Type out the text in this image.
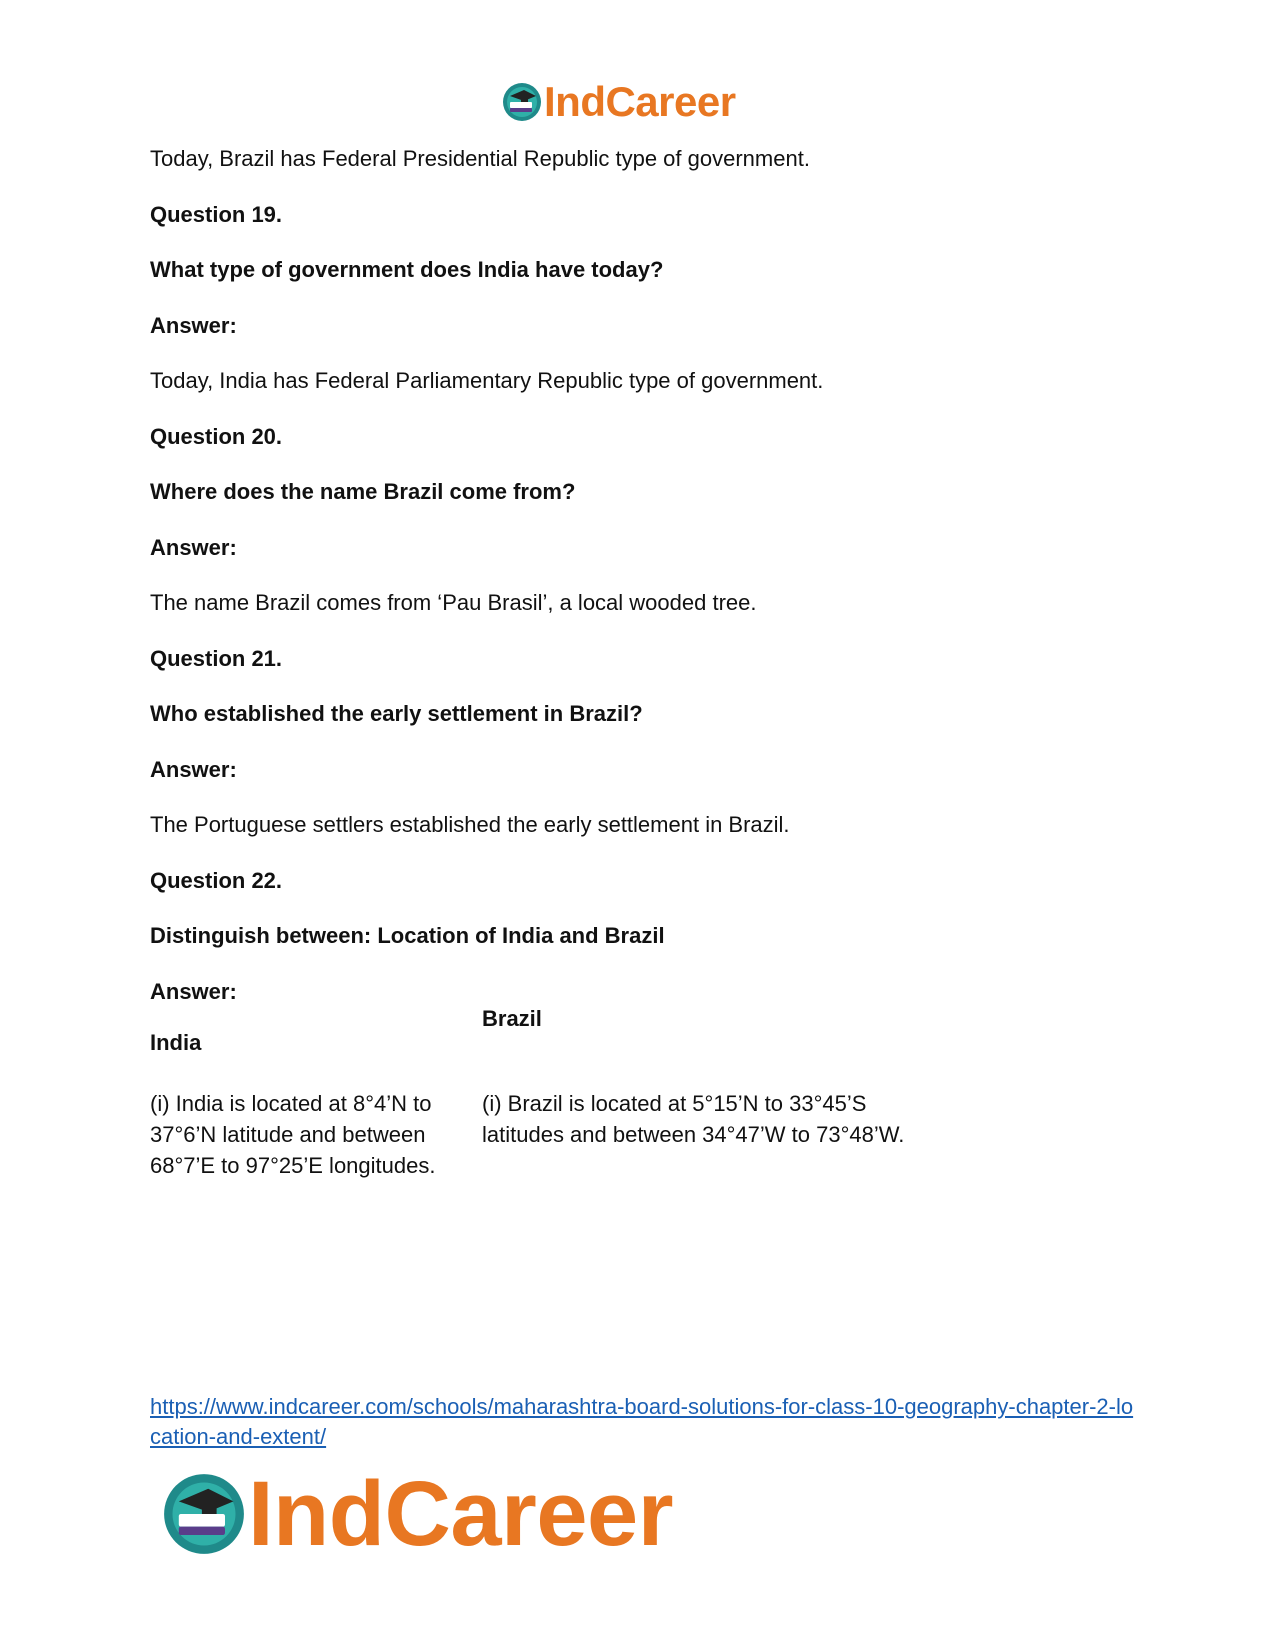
IndCareer
Today, Brazil has Federal Presidential Republic type of government.
Question 19.
What type of government does India have today?
Answer:
Today, India has Federal Parliamentary Republic type of government.
Question 20.
Where does the name Brazil come from?
Answer:
The name Brazil comes from ‘Pau Brasil’, a local wooded tree.
Question 21.
Who established the early settlement in Brazil?
Answer:
The Portuguese settlers established the early settlement in Brazil.
Question 22.
Distinguish between: Location of India and Brazil
Answer:
India
Brazil
(i) India is located at 8°4’N to 37°6’N latitude and between 68°7’E to 97°25’E longitudes.
(i) Brazil is located at 5°15’N to 33°45’S latitudes and between 34°47’W to 73°48’W.
https://www.indcareer.com/schools/maharashtra-board-solutions-for-class-10-geography-chapter-2-location-and-extent/
IndCareer
